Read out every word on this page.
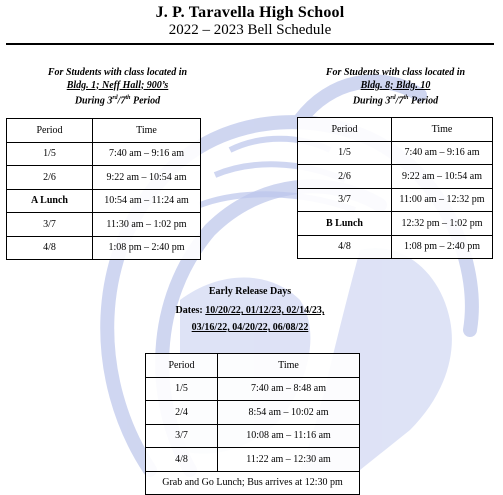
J. P. Taravella High School
2022 – 2023 Bell Schedule
For Students with class located in
Bldg. 1; Neff Hall; 900’s
During 3rd/7th Period
For Students with class located in
Bldg. 8; Bldg. 10
During 3rd/7th Period
Period	Time
1/5	7:40 am – 9:16 am
2/6	9:22 am – 10:54 am
A Lunch	10:54 am – 11:24 am
3/7	11:30 am – 1:02 pm
4/8	1:08 pm – 2:40 pm
Period	Time
1/5	7:40 am – 9:16 am
2/6	9:22 am – 10:54 am
3/7	11:00 am – 12:32 pm
B Lunch	12:32 pm – 1:02 pm
4/8	1:08 pm – 2:40 pm
Early Release Days
Dates: 10/20/22, 01/12/23, 02/14/23,
03/16/22, 04/20/22, 06/08/22
Period	Time
1/5	7:40 am – 8:48 am
2/4	8:54 am – 10:02 am
3/7	10:08 am – 11:16 am
4/8	11:22 am – 12:30 am
Grab and Go Lunch; Bus arrives at 12:30 pm	
